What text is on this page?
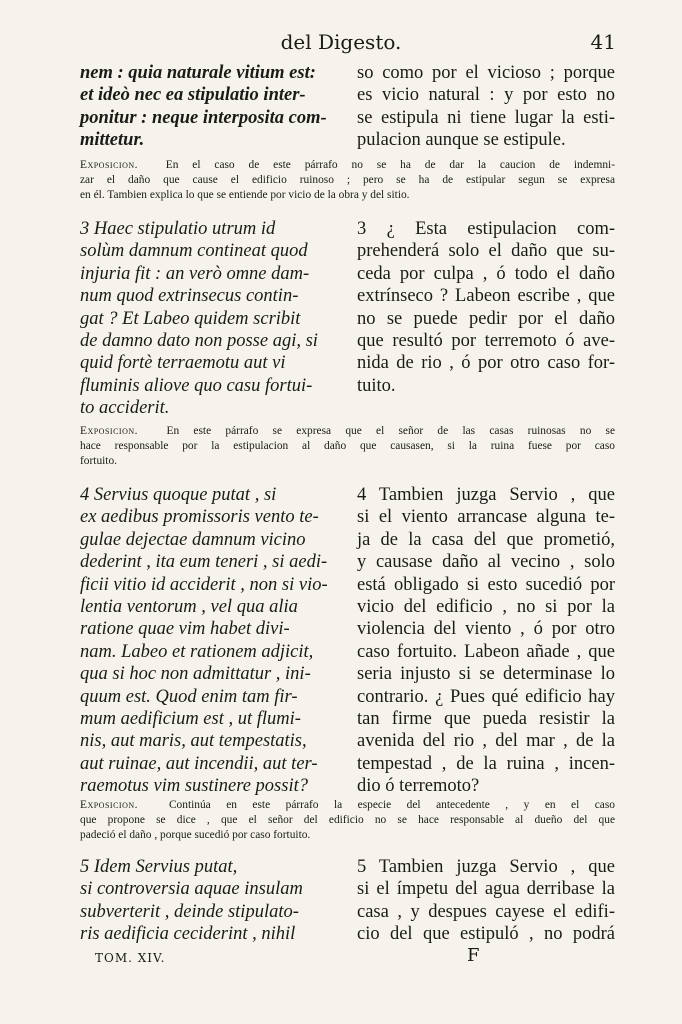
del Digesto.	41
nem : quia naturale vitium est:
et ideò nec ea stipulatio inter-
ponitur : neque interposita com-
mittetur.
so como por el vicioso ; porque
es vicio natural : y por esto no
se estipula ni tiene lugar la esti-
pulacion aunque se estipule.
Exposicion. En el caso de este párrafo no se ha de dar la caucion de indemni-
zar el daño que cause el edificio ruinoso ; pero se ha de estipular segun se expresa
en él. Tambien explica lo que se entiende por vicio de la obra y del sitio.
3 Haec stipulatio utrum id
solùm damnum contineat quod
injuria fit : an verò omne dam-
num quod extrinsecus contin-
gat ? Et Labeo quidem scribit
de damno dato non posse agi, si
quid fortè terraemotu aut vi
fluminis aliove quo casu fortui-
to acciderit.
3 ¿ Esta estipulacion com-
prehenderá solo el daño que su-
ceda por culpa , ó todo el daño
extrínseco ? Labeon escribe , que
no se puede pedir por el daño
que resultó por terremoto ó ave-
nida de rio , ó por otro caso for-
tuito.
Exposicion.	En este párrafo se expresa que el señor de las casas ruinosas no se
hace responsable por la estipulacion al daño que causasen, si la ruina fuese por caso
fortuito.
4 Servius quoque putat , si
ex aedibus promissoris vento te-
gulae dejectae damnum vicino
dederint , ita eum teneri , si aedi-
ficii vitio id acciderit , non si vio-
lentia ventorum , vel qua alia
ratione quae vim habet divi-
nam. Labeo et rationem adjicit,
qua si hoc non admittatur , ini-
quum est. Quod enim tam fir-
mum aedificium est , ut flumi-
nis, aut maris, aut tempestatis,
aut ruinae, aut incendii, aut ter-
raemotus vim sustinere possit?
4 Tambien juzga Servio , que
si el viento arrancase alguna te-
ja de la casa del que prometió,
y causase daño al vecino , solo
está obligado si esto sucedió por
vicio del edificio , no si por la
violencia del viento , ó por otro
caso fortuito. Labeon añade , que
seria injusto si se determinase lo
contrario. ¿ Pues qué edificio hay
tan firme que pueda resistir la
avenida del rio , del mar , de la
tempestad , de la ruina , incen-
dio ó terremoto?
Exposicion.	Continúa en este párrafo la especie del antecedente , y en el caso
que propone se dice , que el señor del edificio no se hace responsable al dueño del que
padeció el daño , porque sucedió por caso fortuito.
5 Idem Servius putat,
si controversia aquae insulam
subverterit , deinde stipulato-
ris aedificia ceciderint , nihil
5 Tambien juzga Servio , que
si el ímpetu del agua derribase la
casa , y despues cayese el edifi-
cio del que estipuló , no podrá
TOM. XIV.	F
